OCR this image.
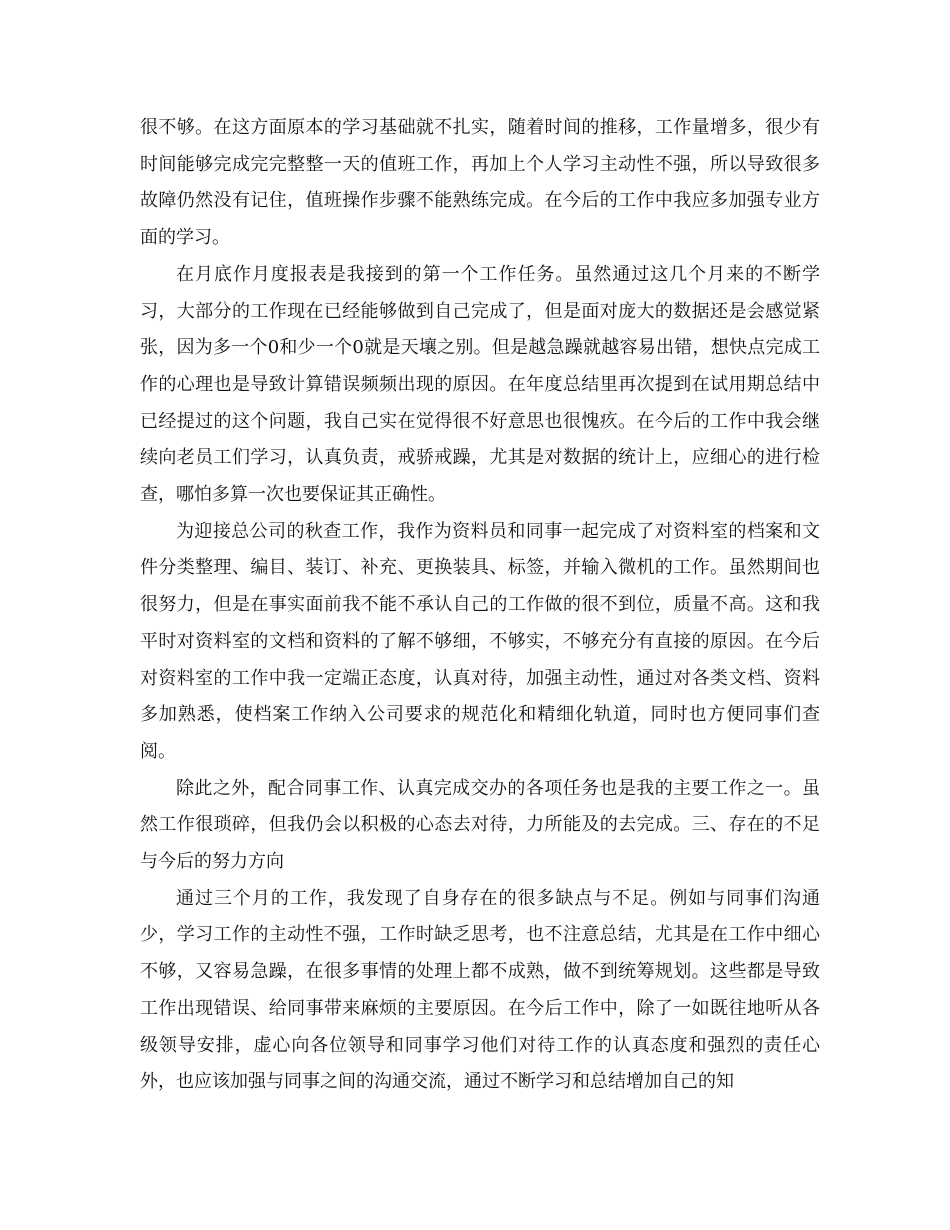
很不够。在这方面原本的学习基础就不扎实，随着时间的推移，工作量增多，很少有时间能够完成完完整整一天的值班工作，再加上个人学习主动性不强，所以导致很多故障仍然没有记住，值班操作步骤不能熟练完成。在今后的工作中我应多加强专业方面的学习。

在月底作月度报表是我接到的第一个工作任务。虽然通过这几个月来的不断学习，大部分的工作现在已经能够做到自己完成了，但是面对庞大的数据还是会感觉紧张，因为多一个0和少一个0就是天壤之别。但是越急躁就越容易出错，想快点完成工作的心理也是导致计算错误频频出现的原因。在年度总结里再次提到在试用期总结中已经提过的这个问题，我自己实在觉得很不好意思也很愧疚。在今后的工作中我会继续向老员工们学习，认真负责，戒骄戒躁，尤其是对数据的统计上，应细心的进行检查，哪怕多算一次也要保证其正确性。

为迎接总公司的秋查工作，我作为资料员和同事一起完成了对资料室的档案和文件分类整理、编目、装订、补充、更换装具、标签，并输入微机的工作。虽然期间也很努力，但是在事实面前我不能不承认自己的工作做的很不到位，质量不高。这和我平时对资料室的文档和资料的了解不够细，不够实，不够充分有直接的原因。在今后对资料室的工作中我一定端正态度，认真对待，加强主动性，通过对各类文档、资料多加熟悉，使档案工作纳入公司要求的规范化和精细化轨道，同时也方便同事们查阅。

除此之外，配合同事工作、认真完成交办的各项任务也是我的主要工作之一。虽然工作很琐碎，但我仍会以积极的心态去对待，力所能及的去完成。三、存在的不足与今后的努力方向

通过三个月的工作，我发现了自身存在的很多缺点与不足。例如与同事们沟通少，学习工作的主动性不强，工作时缺乏思考，也不注意总结，尤其是在工作中细心不够，又容易急躁，在很多事情的处理上都不成熟，做不到统筹规划。这些都是导致工作出现错误、给同事带来麻烦的主要原因。在今后工作中，除了一如既往地听从各级领导安排，虚心向各位领导和同事学习他们对待工作的认真态度和强烈的责任心外，也应该加强与同事之间的沟通交流，通过不断学习和总结增加自己的知
